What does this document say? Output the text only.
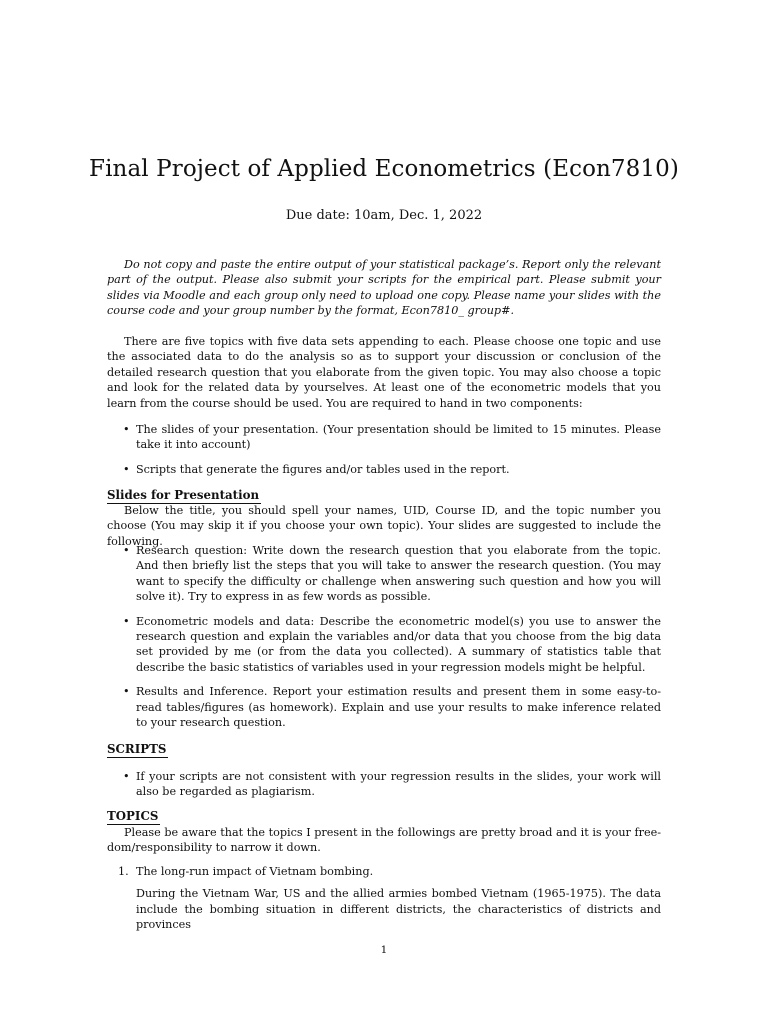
Final Project of Applied Econometrics (Econ7810)
Due date: 10am, Dec. 1, 2022

Do not copy and paste the entire output of your statistical package’s. Report only the relevant part of the output. Please also submit your scripts for the empirical part. Please submit your slides via Moodle and each group only need to upload one copy. Please name your slides with the course code and your group number by the format, Econ7810_ group#.

There are five topics with five data sets appending to each. Please choose one topic and use the associated data to do the analysis so as to support your discussion or conclusion of the detailed research question that you elaborate from the given topic. You may also choose a topic and look for the related data by yourselves. At least one of the econometric models that you learn from the course should be used. You are required to hand in two components:

• The slides of your presentation. (Your presentation should be limited to 15 minutes. Please take it into account)
• Scripts that generate the figures and/or tables used in the report.
Slides for Presentation

Below the title, you should spell your names, UID, Course ID, and the topic number you choose (You may skip it if you choose your own topic). Your slides are suggested to include the following.

• Research question: Write down the research question that you elaborate from the topic. And then briefly list the steps that you will take to answer the research question. (You may want to specify the difficulty or challenge when answering such question and how you will solve it). Try to express in as few words as possible.
• Econometric models and data: Describe the econometric model(s) you use to answer the research question and explain the variables and/or data that you choose from the big data set provided by me (or from the data you collected). A summary of statistics table that describe the basic statistics of variables used in your regression models might be helpful.
• Results and Inference. Report your estimation results and present them in some easy-to-read tables/figures (as homework). Explain and use your results to make inference related to your research question.
SCRIPTS
• If your scripts are not consistent with your regression results in the slides, your work will also be regarded as plagiarism.
TOPICS

Please be aware that the topics I present in the followings are pretty broad and it is your free-dom/responsibility to narrow it down.

1. The long-run impact of Vietnam bombing.
During the Vietnam War, US and the allied armies bombed Vietnam (1965-1975). The data include the bombing situation in different districts, the characteristics of districts and provinces
1
